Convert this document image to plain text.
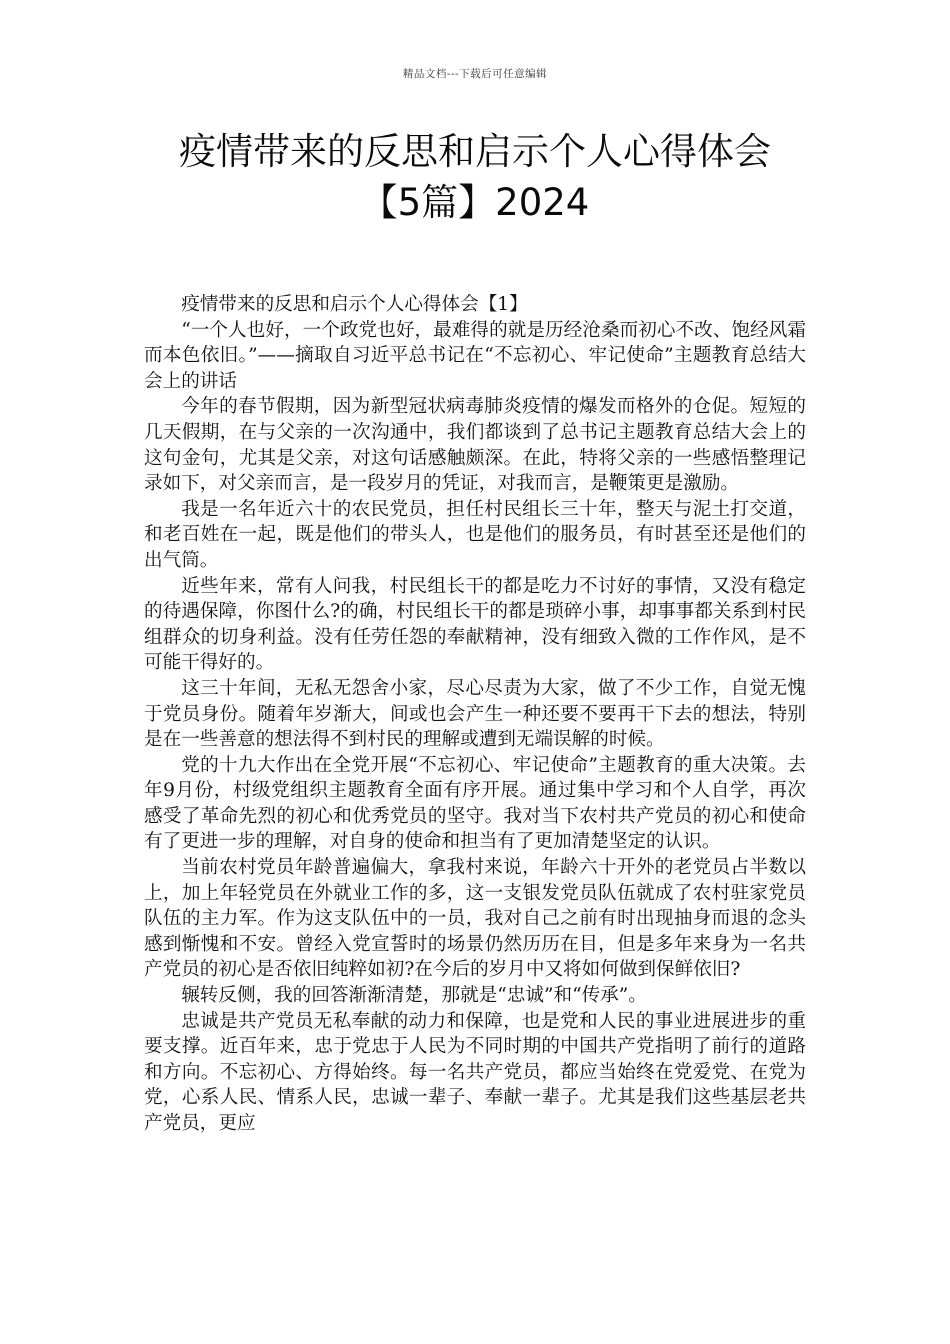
精品文档---下载后可任意编辑
疫情带来的反思和启示个人心得体会
【5篇】2024

疫情带来的反思和启示个人心得体会【1】

“一个人也好，一个政党也好，最难得的就是历经沧桑而初心不改、饱经风霜而本色依旧。”——摘取自习近平总书记在“不忘初心、牢记使命”主题教育总结大会上的讲话

今年的春节假期，因为新型冠状病毒肺炎疫情的爆发而格外的仓促。短短的几天假期，在与父亲的一次沟通中，我们都谈到了总书记主题教育总结大会上的这句金句，尤其是父亲，对这句话感触颇深。在此，特将父亲的一些感悟整理记录如下，对父亲而言，是一段岁月的凭证，对我而言，是鞭策更是激励。

我是一名年近六十的农民党员，担任村民组长三十年，整天与泥土打交道，和老百姓在一起，既是他们的带头人，也是他们的服务员，有时甚至还是他们的出气筒。

近些年来，常有人问我，村民组长干的都是吃力不讨好的事情，又没有稳定的待遇保障，你图什么?的确，村民组长干的都是琐碎小事，却事事都关系到村民组群众的切身利益。没有任劳任怨的奉献精神，没有细致入微的工作作风，是不可能干得好的。

这三十年间，无私无怨舍小家，尽心尽责为大家，做了不少工作，自觉无愧于党员身份。随着年岁渐大，间或也会产生一种还要不要再干下去的想法，特别是在一些善意的想法得不到村民的理解或遭到无端误解的时候。

党的十九大作出在全党开展“不忘初心、牢记使命”主题教育的重大决策。去年9月份，村级党组织主题教育全面有序开展。通过集中学习和个人自学，再次感受了革命先烈的初心和优秀党员的坚守。我对当下农村共产党员的初心和使命有了更进一步的理解，对自身的使命和担当有了更加清楚坚定的认识。

当前农村党员年龄普遍偏大，拿我村来说，年龄六十开外的老党员占半数以上，加上年轻党员在外就业工作的多，这一支银发党员队伍就成了农村驻家党员队伍的主力军。作为这支队伍中的一员，我对自己之前有时出现抽身而退的念头感到惭愧和不安。曾经入党宣誓时的场景仍然历历在目，但是多年来身为一名共产党员的初心是否依旧纯粹如初?在今后的岁月中又将如何做到保鲜依旧?

辗转反侧，我的回答渐渐清楚，那就是“忠诚”和“传承”。

忠诚是共产党员无私奉献的动力和保障，也是党和人民的事业进展进步的重要支撑。近百年来，忠于党忠于人民为不同时期的中国共产党指明了前行的道路和方向。不忘初心、方得始终。每一名共产党员，都应当始终在党爱党、在党为党，心系人民、情系人民，忠诚一辈子、奉献一辈子。尤其是我们这些基层老共产党员，更应
